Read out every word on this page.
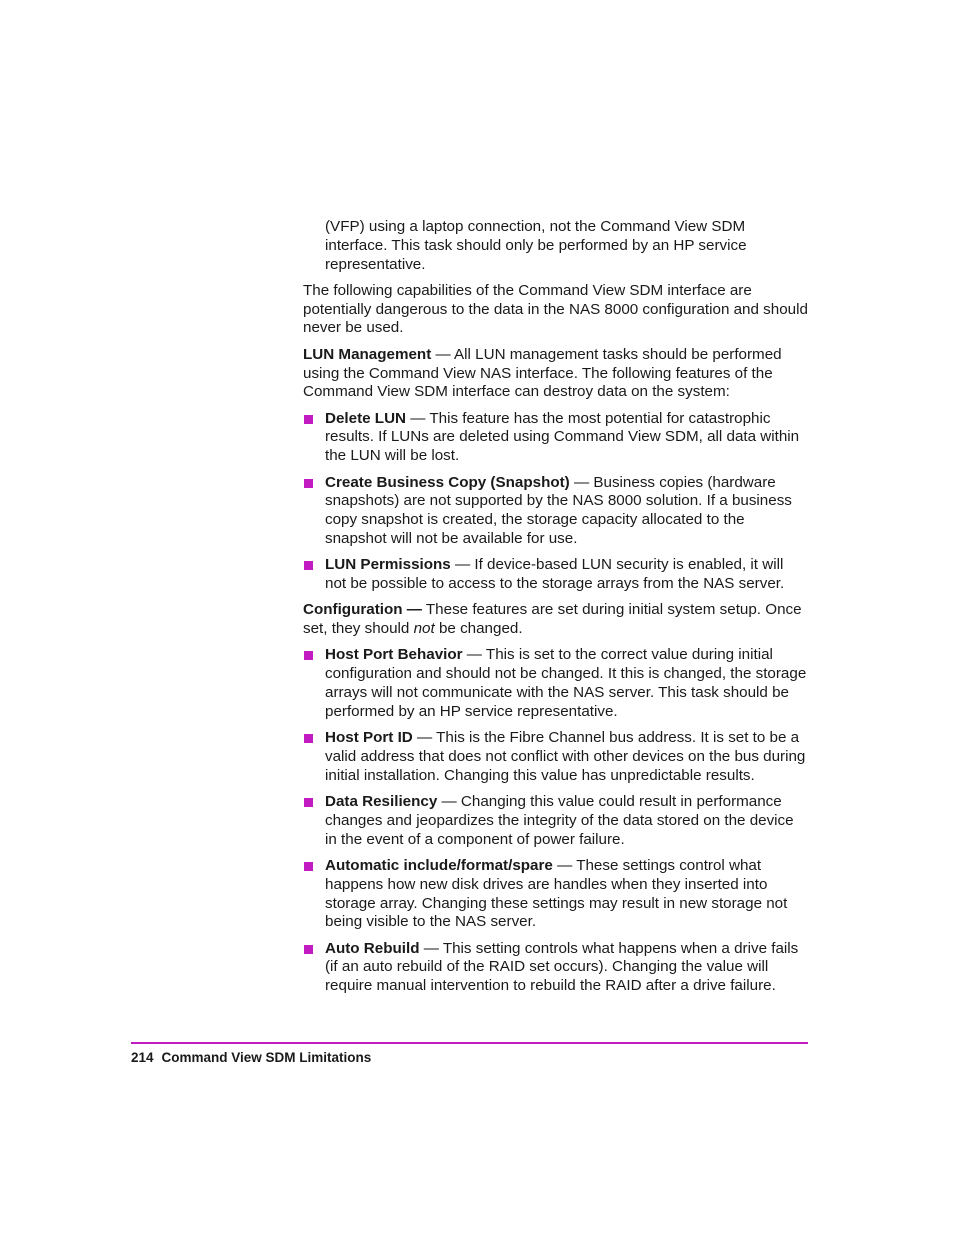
(VFP) using a laptop connection, not the Command View SDM interface. This task should only be performed by an HP service representative.

The following capabilities of the Command View SDM interface are potentially dangerous to the data in the NAS 8000 configuration and should never be used.

LUN Management — All LUN management tasks should be performed using the Command View NAS interface. The following features of the Command View SDM interface can destroy data on the system:

Delete LUN — This feature has the most potential for catastrophic results. If LUNs are deleted using Command View SDM, all data within the LUN will be lost.
Create Business Copy (Snapshot) — Business copies (hardware snapshots) are not supported by the NAS 8000 solution. If a business copy snapshot is created, the storage capacity allocated to the snapshot will not be available for use.
LUN Permissions — If device-based LUN security is enabled, it will not be possible to access to the storage arrays from the NAS server.

Configuration — These features are set during initial system setup. Once set, they should not be changed.

Host Port Behavior — This is set to the correct value during initial configuration and should not be changed. It this is changed, the storage arrays will not communicate with the NAS server. This task should be performed by an HP service representative.
Host Port ID — This is the Fibre Channel bus address. It is set to be a valid address that does not conflict with other devices on the bus during initial installation. Changing this value has unpredictable results.
Data Resiliency — Changing this value could result in performance changes and jeopardizes the integrity of the data stored on the device in the event of a component of power failure.
Automatic include/format/spare — These settings control what happens how new disk drives are handles when they inserted into storage array. Changing these settings may result in new storage not being visible to the NAS server.
Auto Rebuild — This setting controls what happens when a drive fails (if an auto rebuild of the RAID set occurs). Changing the value will require manual intervention to rebuild the RAID after a drive failure.
214 Command View SDM Limitations
